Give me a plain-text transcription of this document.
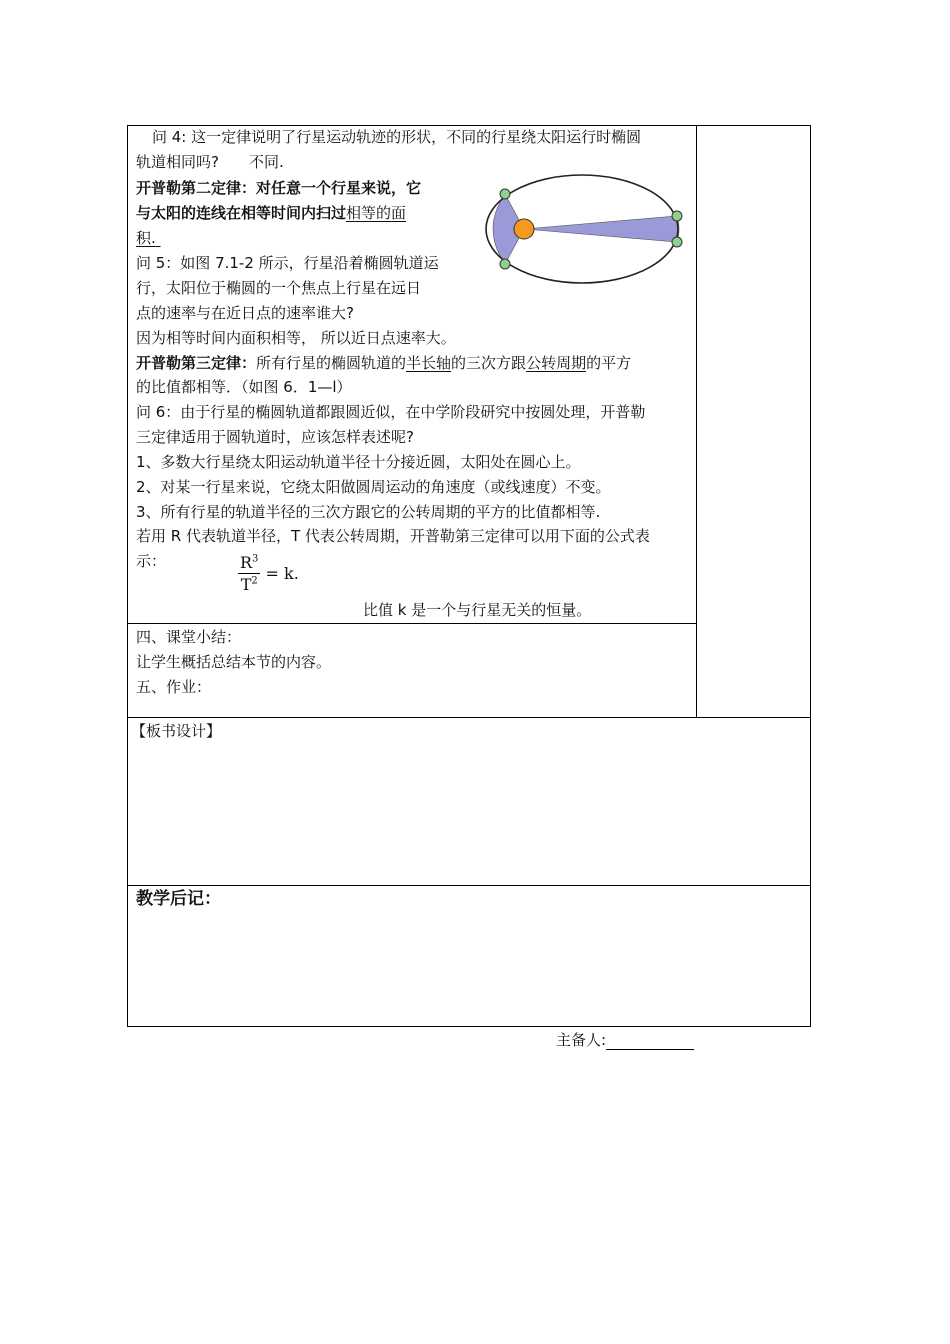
问 4: 这一定律说明了行星运动轨迹的形状，不同的行星绕太阳运行时椭圆
轨道相同吗? 不同.
开普勒第二定律：对任意一个行星来说，它
与太阳的连线在相等时间内扫过相等的面
积.
问 5：如图 7.1-2 所示，行星沿着椭圆轨道运
行，太阳位于椭圆的一个焦点上行星在远日
点的速率与在近日点的速率谁大?
因为相等时间内面积相等， 所以近日点速率大。
开普勒第三定律：所有行星的椭圆轨道的半长轴的三次方跟公转周期的平方
的比值都相等．（如图 6．1—l）
问 6：由于行星的椭圆轨道都跟圆近似，在中学阶段研究中按圆处理，开普勒
三定律适用于圆轨道时，应该怎样表述呢?
1、多数大行星绕太阳运动轨道半径十分接近圆，太阳处在圆心上。
2、对某一行星来说，它绕太阳做圆周运动的角速度（或线速度）不变。
3、所有行星的轨道半径的三次方跟它的公转周期的平方的比值都相等.
若用 R 代表轨道半径，T 代表公转周期，开普勒第三定律可以用下面的公式表
示：	$\frac{R^3}{T^2} = k$.
比值 k 是一个与行星无关的恒量。
四、课堂小结：
让学生概括总结本节的内容。
五、作业：
【板书设计】
教学后记：
主备人:
